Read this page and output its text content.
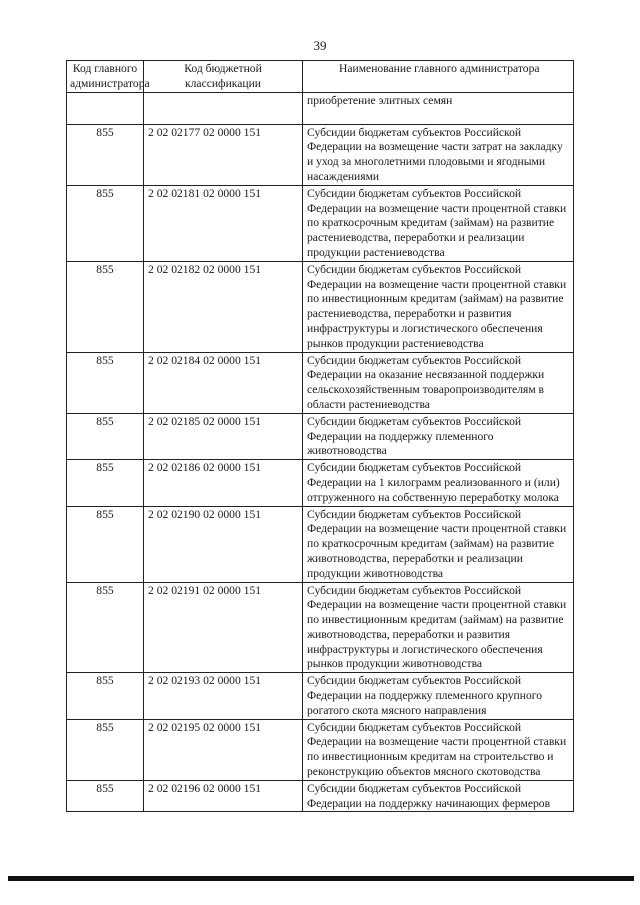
39
Код главного администратора	Код бюджетной классификации	Наименование главного администратора
		приобретение элитных семян
855	2 02 02177 02 0000 151	Субсидии бюджетам субъектов Российской Федерации на возмещение части затрат на закладку и уход за многолетними плодовыми и ягодными насаждениями
855	2 02 02181 02 0000 151	Субсидии бюджетам субъектов Российской Федерации на возмещение части процентной ставки по краткосрочным кредитам (займам) на развитие растениеводства, переработки и реализации продукции растениеводства
855	2 02 02182 02 0000 151	Субсидии бюджетам субъектов Российской Федерации на возмещение части процентной ставки по инвестиционным кредитам (займам) на развитие растениеводства, переработки и развития инфраструктуры и логистического обеспечения рынков продукции растениеводства
855	2 02 02184 02 0000 151	Субсидии бюджетам субъектов Российской Федерации на оказание несвязанной поддержки сельскохозяйственным товаропроизводителям в области растениеводства
855	2 02 02185 02 0000 151	Субсидии бюджетам субъектов Российской Федерации на поддержку племенного животноводства
855	2 02 02186 02 0000 151	Субсидии бюджетам субъектов Российской Федерации на 1 килограмм реализованного и (или) отгруженного на собственную переработку молока
855	2 02 02190 02 0000 151	Субсидии бюджетам субъектов Российской Федерации на возмещение части процентной ставки по краткосрочным кредитам (займам) на развитие животноводства, переработки и реализации продукции животноводства
855	2 02 02191 02 0000 151	Субсидии бюджетам субъектов Российской Федерации на возмещение части процентной ставки по инвестиционным кредитам (займам) на развитие животноводства, переработки и развития инфраструктуры и логистического обеспечения рынков продукции животноводства
855	2 02 02193 02 0000 151	Субсидии бюджетам субъектов Российской Федерации на поддержку племенного крупного рогатого скота мясного направления
855	2 02 02195 02 0000 151	Субсидии бюджетам субъектов Российской Федерации на возмещение части процентной ставки по инвестиционным кредитам на строительство и реконструкцию объектов мясного скотоводства
855	2 02 02196 02 0000 151	Субсидии бюджетам субъектов Российской Федерации на поддержку начинающих фермеров
